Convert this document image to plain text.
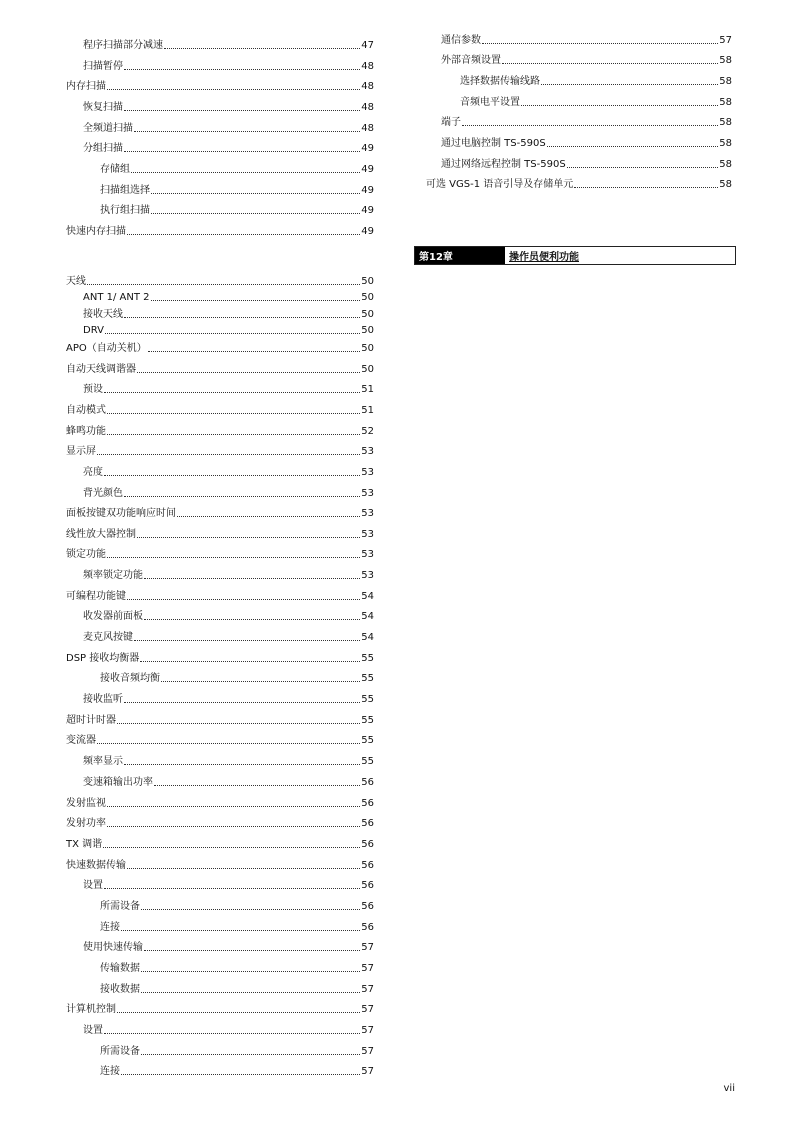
程序扫描部分减速	47
扫描暂停	48
内存扫描	48
恢复扫描	48
全频道扫描	48
分组扫描	49
存储组	49
扫描组选择	49
执行组扫描	49
快速内存扫描	49
天线	50
ANT 1/ ANT 2	50
接收天线	50
DRV	50
APO（自动关机）	50
自动天线调谐器	50
预设	51
自动模式	51
蜂鸣功能	52
显示屏	53
亮度	53
背光颜色	53
面板按键双功能响应时间	53
线性放大器控制	53
锁定功能	53
频率锁定功能	53
可编程功能键	54
收发器前面板	54
麦克风按键	54
DSP 接收均衡器	55
接收音频均衡	55
接收监听	55
超时计时器	55
变流器	55
频率显示	55
变速箱输出功率	56
发射监视	56
发射功率	56
TX 调谐	56
快速数据传输	56
设置	56
所需设备	56
连接	56
使用快速传输	57
传输数据	57
接收数据	57
计算机控制	57
设置	57
所需设备	57
连接	57
通信参数	57
外部音频设置	58
选择数据传输线路	58
音频电平设置	58
端子	58
通过电脑控制 TS-590S	58
通过网络远程控制 TS-590S	58
可选 VGS-1 语音引导及存储单元	58
第12章	操作员便利功能
vii
